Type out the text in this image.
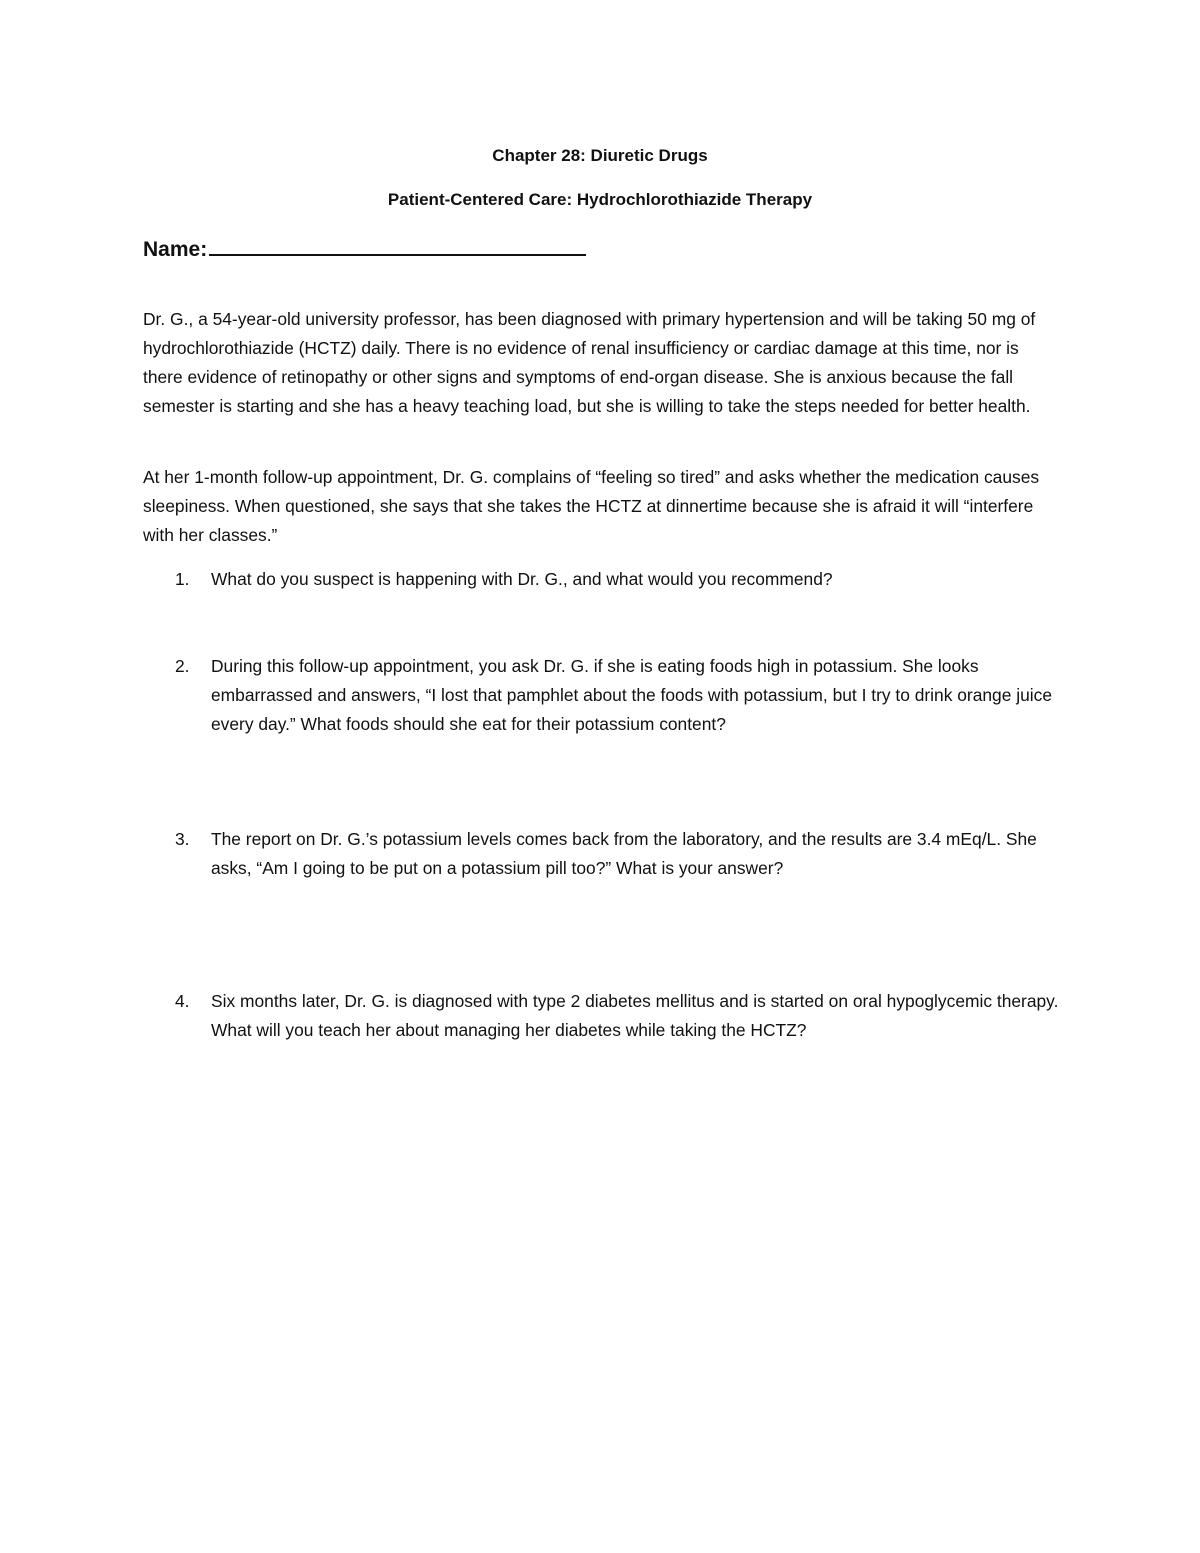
Chapter 28: Diuretic Drugs
Patient-Centered Care: Hydrochlorothiazide Therapy
Name:

Dr. G., a 54-year-old university professor, has been diagnosed with primary hypertension and will be taking 50 mg of hydrochlorothiazide (HCTZ) daily. There is no evidence of renal insufficiency or cardiac damage at this time, nor is there evidence of retinopathy or other signs and symptoms of end-organ disease. She is anxious because the fall semester is starting and she has a heavy teaching load, but she is willing to take the steps needed for better health.

At her 1-month follow-up appointment, Dr. G. complains of “feeling so tired” and asks whether the medication causes sleepiness. When questioned, she says that she takes the HCTZ at dinnertime because she is afraid it will “interfere with her classes.”

1.	What do you suspect is happening with Dr. G., and what would you recommend?
2.	During this follow-up appointment, you ask Dr. G. if she is eating foods high in potassium. She looks embarrassed and answers, “I lost that pamphlet about the foods with potassium, but I try to drink orange juice every day.” What foods should she eat for their potassium content?
3.	The report on Dr. G.’s potassium levels comes back from the laboratory, and the results are 3.4 mEq/L. She asks, “Am I going to be put on a potassium pill too?” What is your answer?
4.	Six months later, Dr. G. is diagnosed with type 2 diabetes mellitus and is started on oral hypoglycemic therapy. What will you teach her about managing her diabetes while taking the HCTZ?
